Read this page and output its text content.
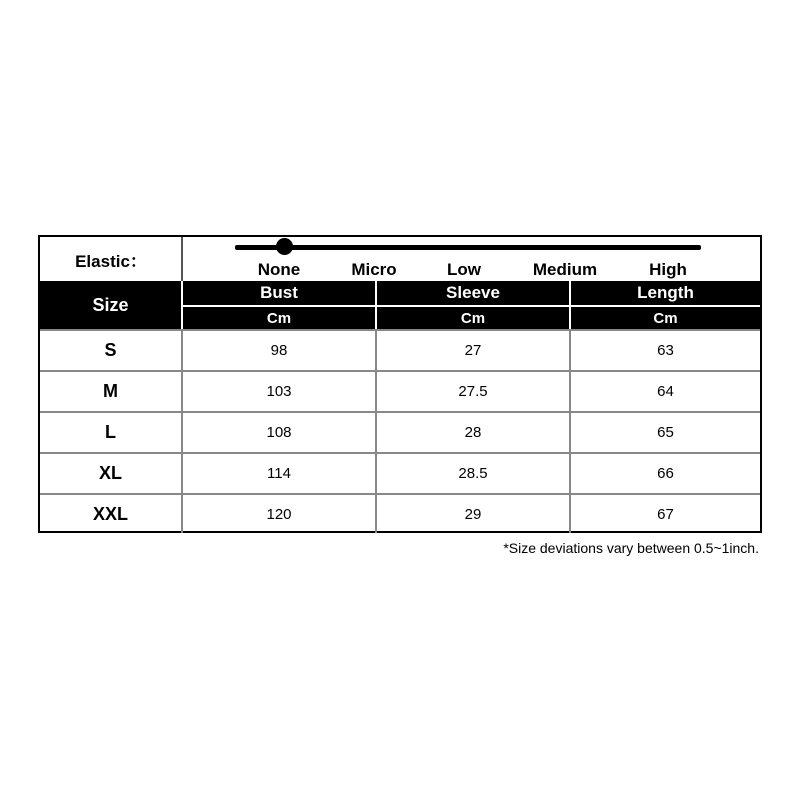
Elastic：	None	Micro	Low	Medium	High
Size
Bust	Sleeve	Length
Cm	Cm	Cm
S	98	27	63
M	103	27.5	64
L	108	28	65
XL	114	28.5	66
XXL	120	29	67
*Size deviations vary between 0.5~1inch.
